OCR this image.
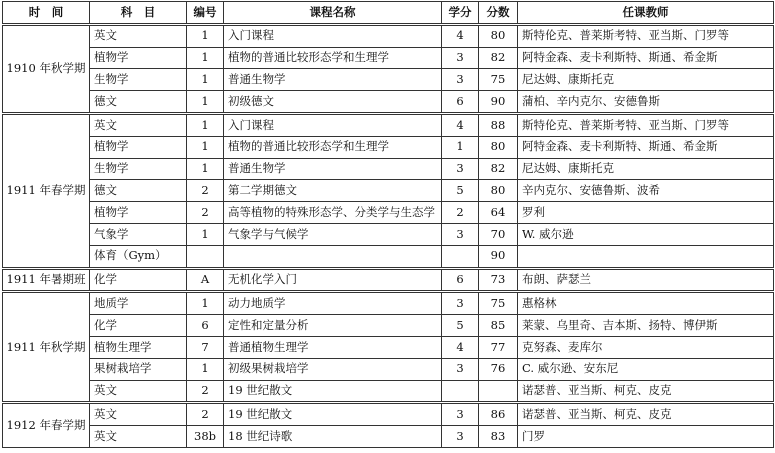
时　间	科　目	编号	课程名称	学分	分数	任课教师
1910 年秋学期	英文	1	入门课程	4	80	斯特伦克、普莱斯考特、亚当斯、门罗等
	植物学	1	植物的普通比较形态学和生理学	3	82	阿特金森、麦卡利斯特、斯通、希金斯
	生物学	1	普通生物学	3	75	尼达姆、康斯托克
	德文	1	初级德文	6	90	蒲柏、辛内克尔、安德鲁斯
1911 年春学期	英文	1	入门课程	4	88	斯特伦克、普莱斯考特、亚当斯、门罗等
	植物学	1	植物的普通比较形态学和生理学	1	80	阿特金森、麦卡利斯特、斯通、希金斯
	生物学	1	普通生物学	3	82	尼达姆、康斯托克
	德文	2	第二学期德文	5	80	辛内克尔、安德鲁斯、波希
	植物学	2	高等植物的特殊形态学、分类学与生态学	2	64	罗利
	气象学	1	气象学与气候学	3	70	W. 威尔逊
	体育（Gym）				90	
1911 年暑期班	化学	A	无机化学入门	6	73	布朗、萨瑟兰
1911 年秋学期	地质学	1	动力地质学	3	75	惠格林
	化学	6	定性和定量分析	5	85	莱蒙、乌里奇、吉本斯、扬特、博伊斯
	植物生理学	7	普通植物生理学	4	77	克努森、麦库尔
	果树栽培学	1	初级果树栽培学	3	76	C. 威尔逊、安东尼
	英文	2	19 世纪散文			诺瑟普、亚当斯、柯克、皮克
1912 年春学期	英文	2	19 世纪散文	3	86	诺瑟普、亚当斯、柯克、皮克
	英文	38b	18 世纪诗歌	3	83	门罗
